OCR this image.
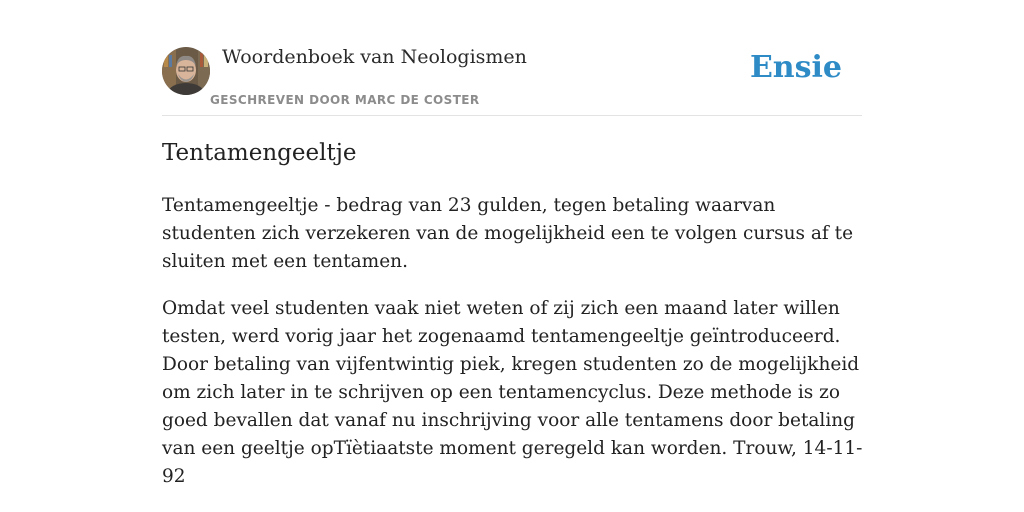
Woordenboek van Neologismen
GESCHREVEN DOOR MARC DE COSTER
Ensie
Tentamengeeltje

Tentamengeeltje - bedrag van 23 gulden, tegen betaling waarvan studenten zich verzekeren van de mogelijkheid een te volgen cursus af te sluiten met een tentamen.

Omdat veel studenten vaak niet weten of zij zich een maand later willen testen, werd vorig jaar het zogenaamd tentamengeeltje geïntroduceerd. Door betaling van vijfentwintig piek, kregen studenten zo de mogelijkheid om zich later in te schrijven op een tentamencyclus. Deze methode is zo goed bevallen dat vanaf nu inschrijving voor alle tentamens door betaling van een geeltje opTïètiaatste moment geregeld kan worden. Trouw, 14-11-92
